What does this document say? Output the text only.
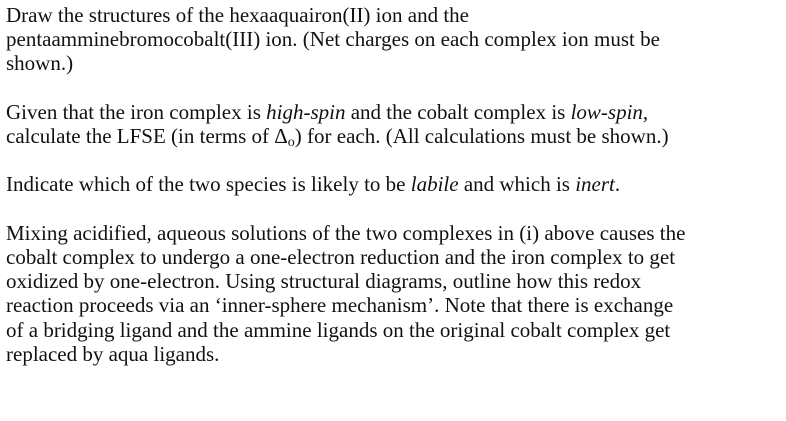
Draw the structures of the hexaaquairon(II) ion and the
pentaamminebromocobalt(III) ion. (Net charges on each complex ion must be
shown.)
Given that the iron complex is high-spin and the cobalt complex is low-spin,
calculate the LFSE (in terms of $\Delta_o$) for each. (All calculations must be shown.)
Indicate which of the two species is likely to be labile and which is inert.
Mixing acidified, aqueous solutions of the two complexes in (i) above causes the
cobalt complex to undergo a one-electron reduction and the iron complex to get
oxidized by one-electron. Using structural diagrams, outline how this redox
reaction proceeds via an ‘inner-sphere mechanism’. Note that there is exchange
of a bridging ligand and the ammine ligands on the original cobalt complex get
replaced by aqua ligands.
